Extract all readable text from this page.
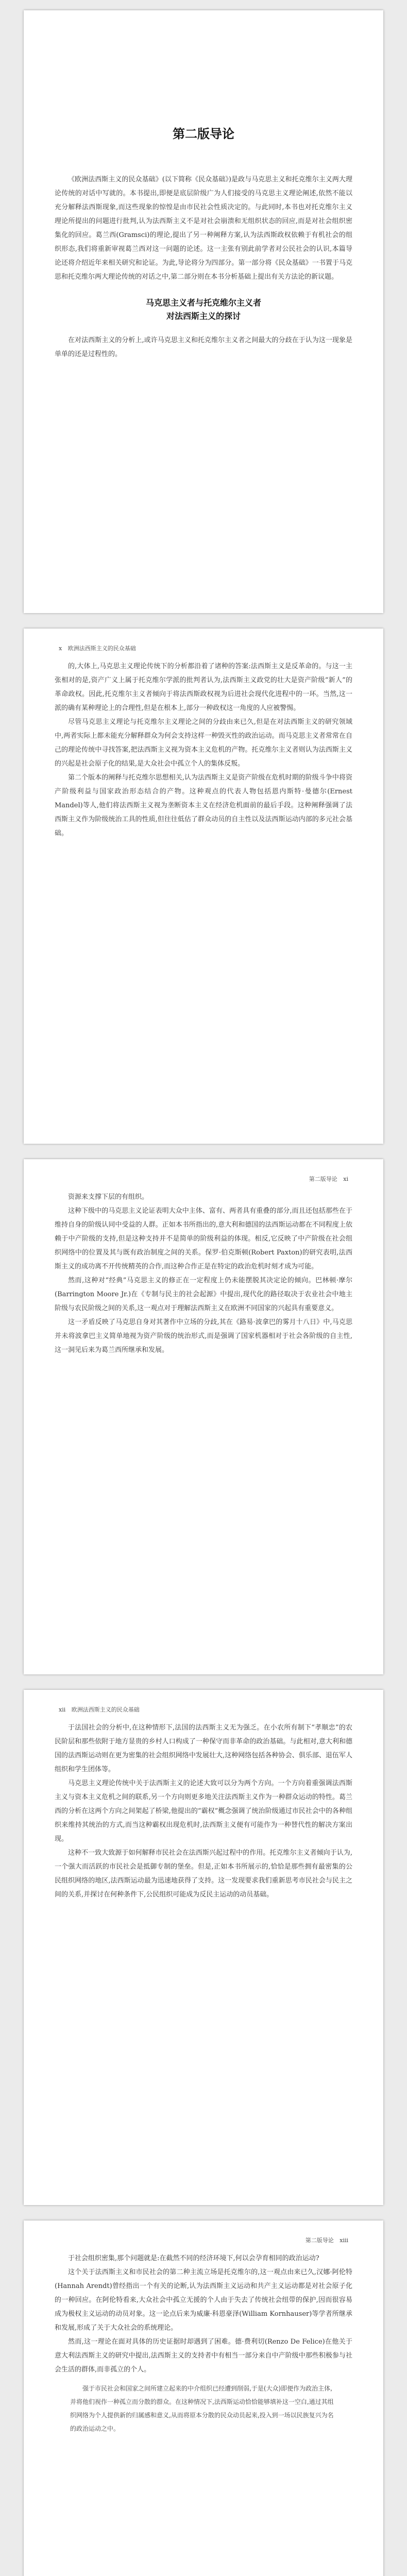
第二版导论

《欧洲法西斯主义的民众基础》(以下简称《民众基础》)是政与马克思主义和托克维尔主义两大理论传统的对话中写就的。本书提出,即便是底层阶级广为人们接受的马克思主义理论阐述,依然不能以充分解释法西斯现象,而这些现象的惊惶是由市民社会性质决定的。与此同时,本书也对托克维尔主义理论所提出的问题进行批判,认为法西斯主义不是对社会崩溃和无组织状态的回应,而是对社会组织密集化的回应。葛兰西(Gramsci)的理论,提出了另一种阐释方案,认为法西斯政权依赖于有机社会的组织形态,我们将重新审视葛兰西对这一问题的论述。这一主张有别此前学者对公民社会的认识,本篇导论还将介绍近年来相关研究和论证。为此,导论将分为四部分。第一部分将《民众基础》一书置于马克思和托克维尔两大理论传统的对话之中,第二部分则在本书分析基础上提出有关方法论的新议题。

马克思主义者与托克维尔主义者
对法西斯主义的探讨

在对法西斯主义的分析上,或许马克思主义和托克维尔主义者之间最大的分歧在于认为这一现象是单单的还是过程性的。

x 欧洲法西斯主义的民众基础

的,大体上,马克思主义理论传统下的分析都沿着了诸种的答案:法西斯主义是反革命的。与这一主张相对的是,资产广义上属于托克维尔学派的批判者认为,法西斯主义政党的壮大是资产阶级“新人”的革命政权。因此,托克维尔主义者倾向于将法西斯政权视为后进社会现代化进程中的一环。当然,这一派的确有某种理论上的合理性,但是在根本上,部分一种政权这一角度的人应被警惕。

尽管马克思主义理论与托克维尔主义理论之间的分歧由来已久,但是在对法西斯主义的研究领域中,两者实际上都未能充分解释群众为何会支持这样一种毁灭性的政治运动。而马克思主义者常常在自己的理论传统中寻找答案,把法西斯主义视为资本主义危机的产物。托克维尔主义者则认为法西斯主义的兴起是社会原子化的结果,是大众社会中孤立个人的集体反叛。

第二个版本的阐释与托克维尔思想相关,认为法西斯主义是资产阶级在危机时期的阶级斗争中将资产阶级利益与国家政治形态结合的产物。这种观点的代表人物包括恩内斯特·曼德尔(Ernest Mandel)等人,他们将法西斯主义视为垄断资本主义在经济危机面前的最后手段。这种阐释强调了法西斯主义作为阶级统治工具的性质,但往往低估了群众动员的自主性以及法西斯运动内部的多元社会基础。

第二版导论 xi

资源来支撑下层的有组织。

这种下级中的马克思主义论证表明大众中主体、富有、两者具有重叠的部分,而且还包括那些在于维持自身的阶级认同中受益的人群。正如本书所指出的,意大利和德国的法西斯运动都在不同程度上依赖于中产阶级的支持,但是这种支持并不是简单的阶级利益的体现。相反,它反映了中产阶级在社会组织网络中的位置及其与既有政治制度之间的关系。保罗·伯克斯顿(Robert Paxton)的研究表明,法西斯主义的成功离不开传统精英的合作,而这种合作正是在特定的政治危机时刻才成为可能。

然而,这种对“经典”马克思主义的修正在一定程度上仍未能摆脱其决定论的倾向。巴林顿·摩尔(Barrington Moore Jr.)在《专制与民主的社会起源》中提出,现代化的路径取决于农业社会中地主阶级与农民阶级之间的关系,这一观点对于理解法西斯主义在欧洲不同国家的兴起具有重要意义。

这一矛盾反映了马克思自身对其著作中立场的分歧,其在《路易·波拿巴的雾月十八日》中,马克思并未将波拿巴主义简单地视为资产阶级的统治形式,而是强调了国家机器相对于社会各阶级的自主性,这一洞见后来为葛兰西所继承和发展。

xii 欧洲法西斯主义的民众基础

于法国社会的分析中,在这种情形下,法国的法西斯主义无为强乏。在小农所有制下“孝顺忠”的农民阶层和那些依附于地方显贵的乡村人口构成了一种保守而非革命的政治基础。与此相对,意大利和德国的法西斯运动则在更为密集的社会组织网络中发展壮大,这种网络包括各种协会、俱乐部、退伍军人组织和学生团体等。

马克思主义理论传统中关于法西斯主义的论述大致可以分为两个方向。一个方向着重强调法西斯主义与资本主义危机之间的联系,另一个方向则更多地关注法西斯主义作为一种群众运动的特性。葛兰西的分析在这两个方向之间架起了桥梁,他提出的“霸权”概念强调了统治阶级通过市民社会中的各种组织来维持其统治的方式,而当这种霸权出现危机时,法西斯主义便有可能作为一种替代性的解决方案出现。

这种不一致大致源于如何解释市民社会在法西斯兴起过程中的作用。托克维尔主义者倾向于认为,一个强大而活跃的市民社会是抵御专制的堡垒。但是,正如本书所展示的,恰恰是那些拥有最密集的公民组织网络的地区,法西斯运动最为迅速地获得了支持。这一发现要求我们重新思考市民社会与民主之间的关系,并探讨在何种条件下,公民组织可能成为反民主运动的动员基础。

第二版导论 xiii

于社会组织密集,那个问题就是:在截然不同的经济环境下,何以会孕育相同的政治运动?

这个关于法西斯主义和市民社会的第二种主流立场是托克维尔的,这一观点由来已久,汉娜·阿伦特(Hannah Arendt)曾经指出一个有关的论断,认为法西斯主义运动和共产主义运动都是对社会原子化的一种回应。在阿伦特看来,大众社会中孤立无援的个人由于失去了传统社会纽带的保护,因而很容易成为极权主义运动的动员对象。这一论点后来为威廉·科恩豪泽(William Kornhauser)等学者所继承和发展,形成了关于大众社会的系统理论。

然而,这一理论在面对具体的历史证据时却遇到了困难。德·费利切(Renzo De Felice)在他关于意大利法西斯主义的研究中提出,法西斯主义的支持者中有相当一部分来自中产阶级中那些积极参与社会生活的群体,而非孤立的个人。

强于市民社会和国家之间所建立起来的中介组织已经遭到削弱,于是(大众)即便作为政治主体,并将他们视作一种孤立而分散的群众。在这种情况下,法西斯运动恰恰能够填补这一空白,通过其组织网络为个人提供新的归属感和意义,从而将原本分散的民众动员起来,投入到一场以民族复兴为名的政治运动之中。
